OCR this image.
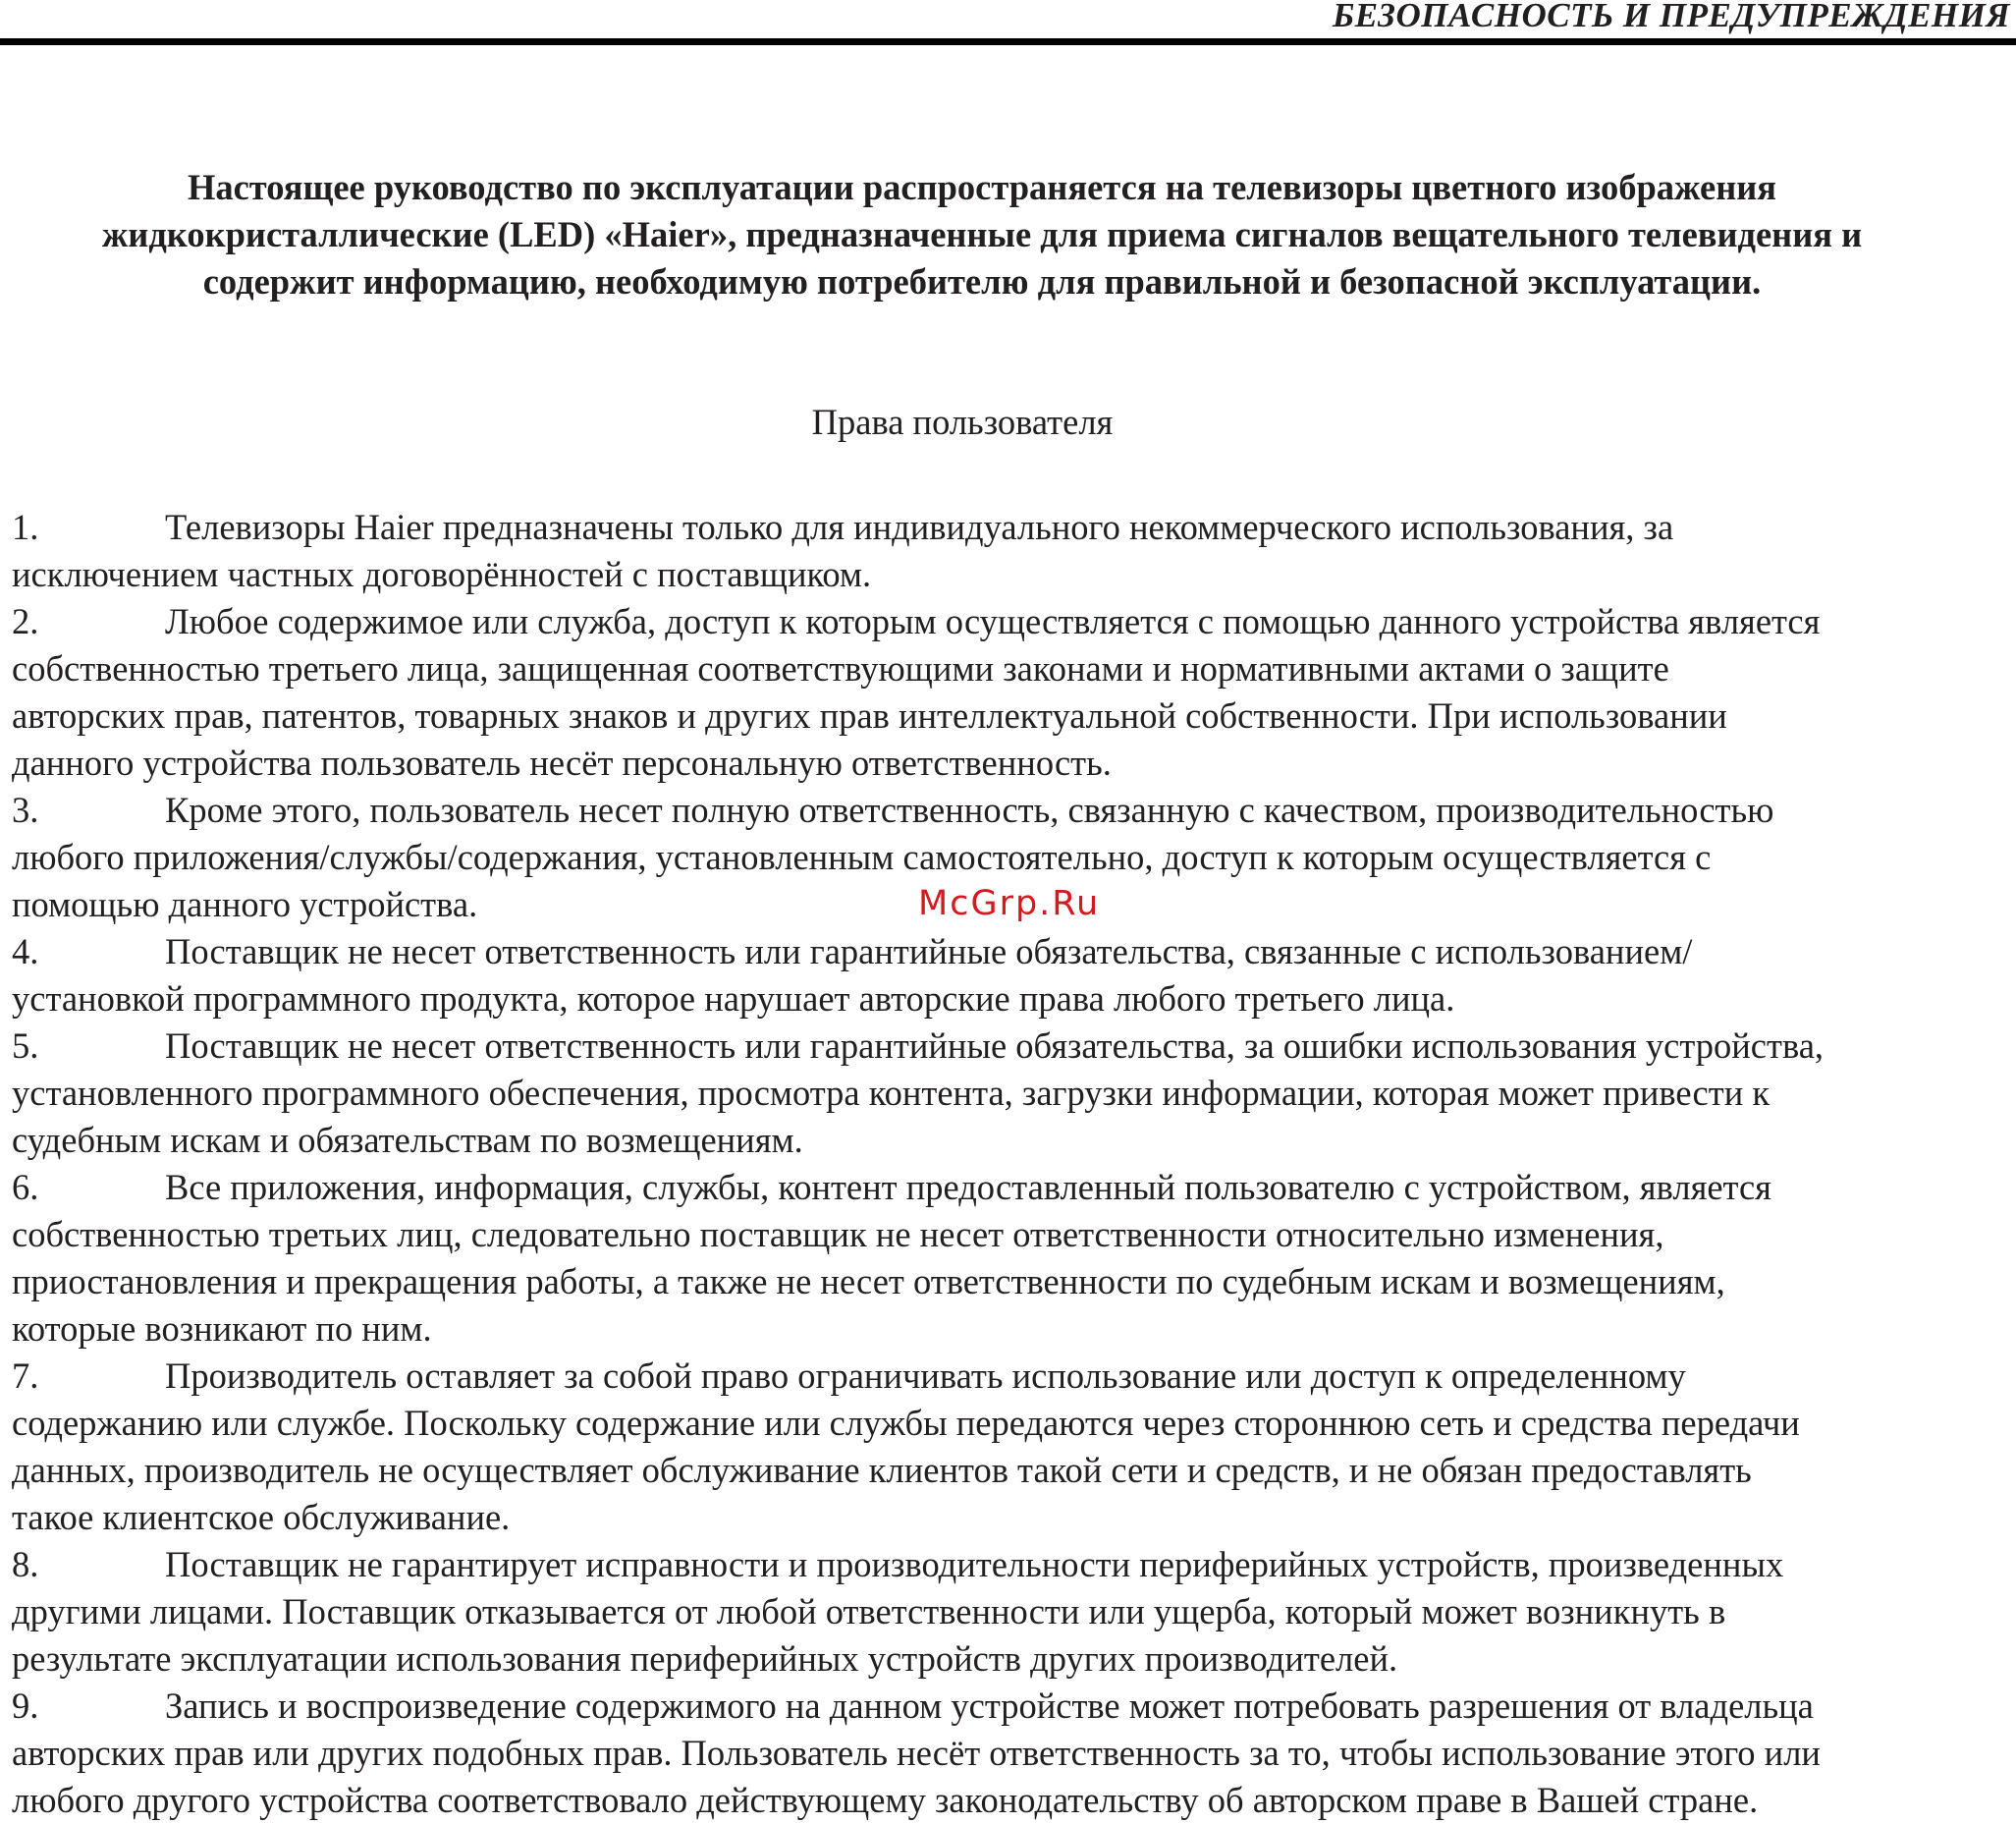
БЕЗОПАСНОСТЬ И ПРЕДУПРЕЖДЕНИЯ
Настоящее руководство по эксплуатации распространяется на телевизоры цветного изображения
жидкокристаллические (LED) «Haier», предназначенные для приема сигналов вещательного телевидения и
содержит информацию, необходимую потребителю для правильной и безопасной эксплуатации.
Права пользователя
1.	Телевизоры Haier предназначены только для индивидуального некоммерческого использования, за
исключением частных договорённостей с поставщиком.
2.	Любое содержимое или служба, доступ к которым осуществляется с помощью данного устройства является
собственностью третьего лица, защищенная соответствующими законами и нормативными актами о защите
авторских прав, патентов, товарных знаков и других прав интеллектуальной собственности. При использовании
данного устройства пользователь несёт персональную ответственность.
3.	Кроме этого, пользователь несет полную ответственность, связанную с качеством, производительностью
любого приложения/службы/содержания, установленным самостоятельно, доступ к которым осуществляется с
помощью данного устройства.
4.	Поставщик не несет ответственность или гарантийные обязательства, связанные с использованием/
установкой программного продукта, которое нарушает авторские права любого третьего лица.
5.	Поставщик не несет ответственность или гарантийные обязательства, за ошибки использования устройства,
установленного программного обеспечения, просмотра контента, загрузки информации, которая может привести к
судебным искам и обязательствам по возмещениям.
6.	Все приложения, информация, службы, контент предоставленный пользователю с устройством, является
собственностью третьих лиц, следовательно поставщик не несет ответственности относительно изменения,
приостановления и прекращения работы, а также не несет ответственности по судебным искам и возмещениям,
которые возникают по ним.
7.	Производитель оставляет за собой право ограничивать использование или доступ к определенному
содержанию или службе. Поскольку содержание или службы передаются через стороннюю сеть и средства передачи
данных, производитель не осуществляет обслуживание клиентов такой сети и средств, и не обязан предоставлять
такое клиентское обслуживание.
8.	Поставщик не гарантирует исправности и производительности периферийных устройств, произведенных
другими лицами. Поставщик отказывается от любой ответственности или ущерба, который может возникнуть в
результате эксплуатации использования периферийных устройств других производителей.
9.	Запись и воспроизведение содержимого на данном устройстве может потребовать разрешения от владельца
авторских прав или других подобных прав. Пользователь несёт ответственность за то, чтобы использование этого или
любого другого устройства соответствовало действующему законодательству об авторском праве в Вашей стране.
McGrp.Ru
